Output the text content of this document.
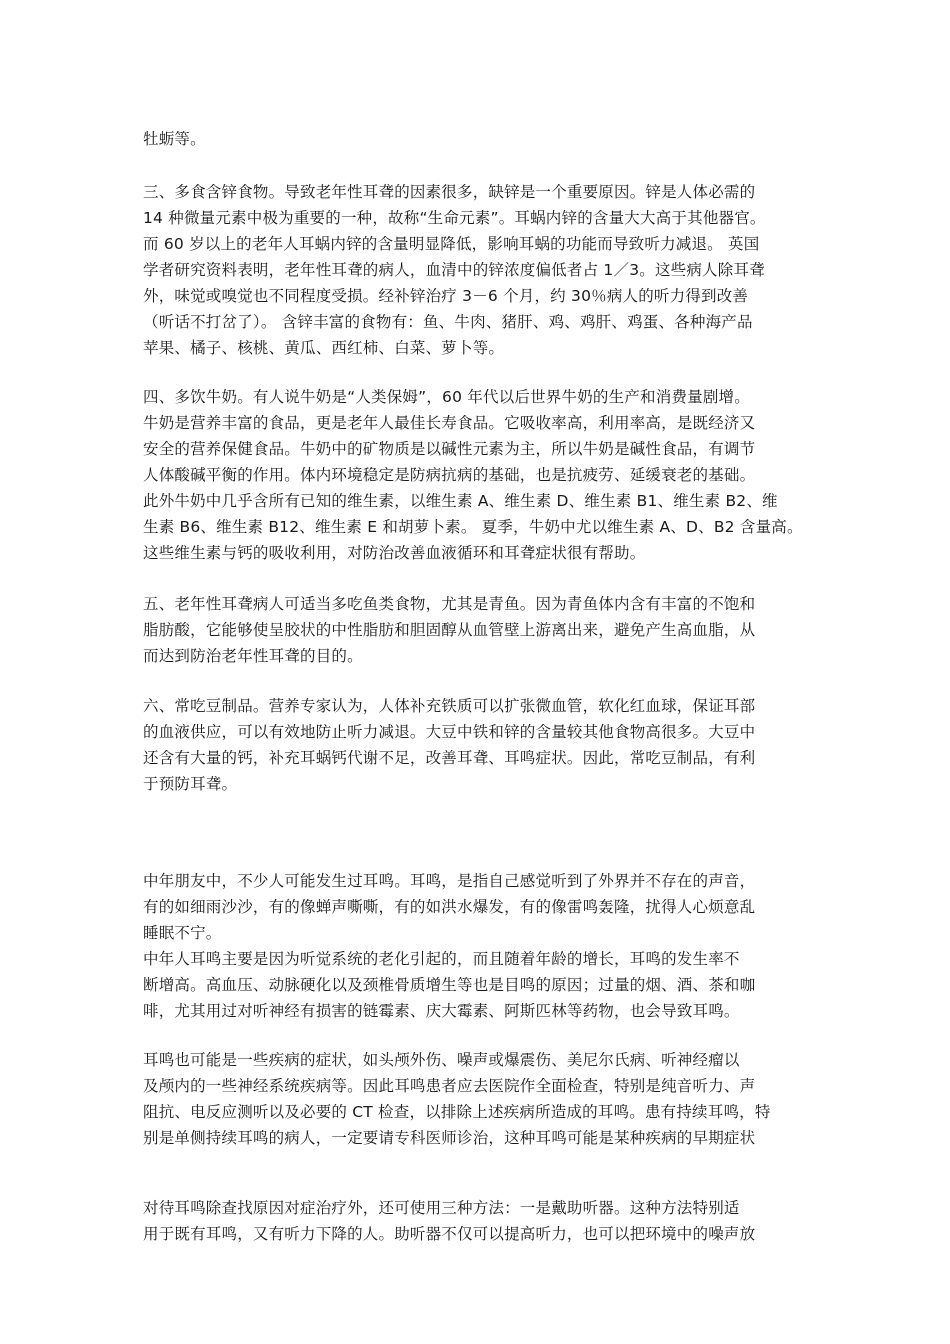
牡蛎等。
三、多食含锌食物。导致老年性耳聋的因素很多，缺锌是一个重要原因。锌是人体必需的
14 种微量元素中极为重要的一种，故称“生命元素”。耳蜗内锌的含量大大高于其他器官。
而 60 岁以上的老年人耳蜗内锌的含量明显降低，影响耳蜗的功能而导致听力减退。 英国
学者研究资料表明，老年性耳聋的病人，血清中的锌浓度偏低者占 1／3。这些病人除耳聋
外，味觉或嗅觉也不同程度受损。经补锌治疗 3－6 个月，约 30％病人的听力得到改善
（听话不打岔了）。 含锌丰富的食物有：鱼、牛肉、猪肝、鸡、鸡肝、鸡蛋、各种海产品
苹果、橘子、核桃、黄瓜、西红柿、白菜、萝卜等。
四、多饮牛奶。有人说牛奶是“人类保姆”，60 年代以后世界牛奶的生产和消费量剧增。
牛奶是营养丰富的食品，更是老年人最佳长寿食品。它吸收率高，利用率高，是既经济又
安全的营养保健食品。牛奶中的矿物质是以碱性元素为主，所以牛奶是碱性食品，有调节
人体酸碱平衡的作用。体内环境稳定是防病抗病的基础，也是抗疲劳、延缓衰老的基础。
此外牛奶中几乎含所有已知的维生素，以维生素 A、维生素 D、维生素 B1、维生素 B2、维
生素 B6、维生素 B12、维生素 E 和胡萝卜素。 夏季，牛奶中尤以维生素 A、D、B2 含量高。
这些维生素与钙的吸收利用，对防治改善血液循环和耳聋症状很有帮助。
五、老年性耳聋病人可适当多吃鱼类食物，尤其是青鱼。因为青鱼体内含有丰富的不饱和
脂肪酸，它能够使呈胶状的中性脂肪和胆固醇从血管壁上游离出来，避免产生高血脂，从
而达到防治老年性耳聋的目的。
六、常吃豆制品。营养专家认为，人体补充铁质可以扩张微血管，软化红血球，保证耳部
的血液供应，可以有效地防止听力减退。大豆中铁和锌的含量较其他食物高很多。大豆中
还含有大量的钙，补充耳蜗钙代谢不足，改善耳聋、耳鸣症状。因此，常吃豆制品，有利
于预防耳聋。
中年朋友中，不少人可能发生过耳鸣。耳鸣，是指自己感觉听到了外界并不存在的声音，
有的如细雨沙沙，有的像蝉声嘶嘶，有的如洪水爆发，有的像雷鸣轰隆，扰得人心烦意乱
睡眠不宁。
中年人耳鸣主要是因为听觉系统的老化引起的，而且随着年龄的增长，耳鸣的发生率不
断增高。高血压、动脉硬化以及颈椎骨质增生等也是目鸣的原因；过量的烟、酒、茶和咖
啡，尤其用过对听神经有损害的链霉素、庆大霉素、阿斯匹林等药物，也会导致耳鸣。
耳鸣也可能是一些疾病的症状，如头颅外伤、噪声或爆震伤、美尼尔氏病、听神经瘤以
及颅内的一些神经系统疾病等。因此耳鸣患者应去医院作全面检查，特别是纯音听力、声
阻抗、电反应测听以及必要的 CT 检查，以排除上述疾病所造成的耳鸣。患有持续耳鸣，特
别是单侧持续耳鸣的病人，一定要请专科医师诊治，这种耳鸣可能是某种疾病的早期症状
对待耳鸣除查找原因对症治疗外，还可使用三种方法：一是戴助听器。这种方法特别适
用于既有耳鸣，又有听力下降的人。助听器不仅可以提高听力，也可以把环境中的噪声放
